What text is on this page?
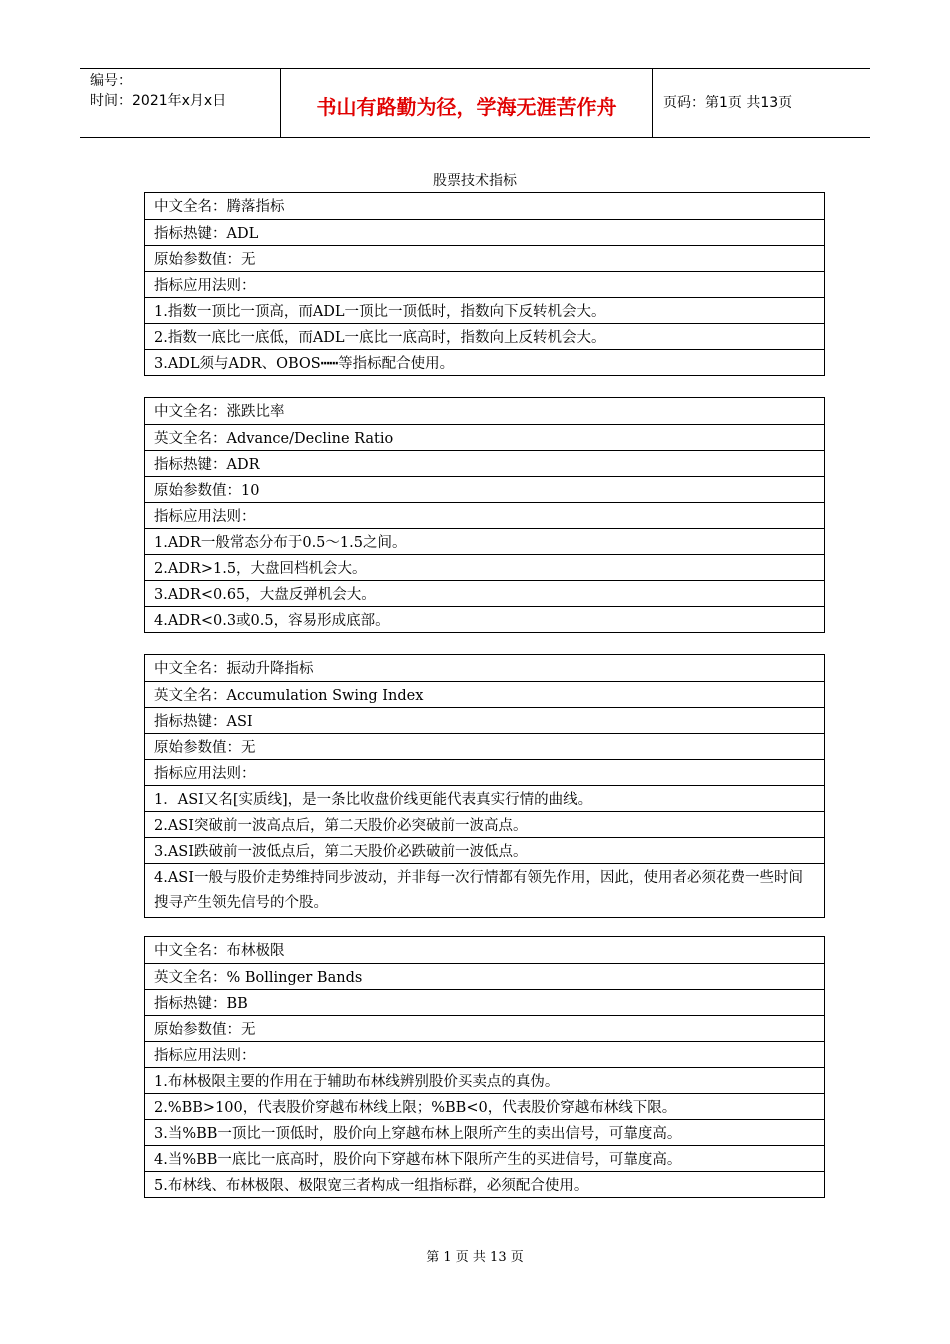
编号：
时间：2021年x月x日	书山有路勤为径，学海无涯苦作舟	页码：第1页 共13页
股票技术指标
中文全名：腾落指标
指标热键：ADL
原始参数值：无
指标应用法则：
1.指数一顶比一顶高，而ADL一顶比一顶低时，指数向下反转机会大。
2.指数一底比一底低，而ADL一底比一底高时，指数向上反转机会大。
3.ADL须与ADR、OBOS┅┅等指标配合使用。
中文全名：涨跌比率
英文全名：Advance/Decline Ratio
指标热键：ADR
原始参数值：10
指标应用法则：
1.ADR一般常态分布于0.5～1.5之间。
2.ADR>1.5，大盘回档机会大。
3.ADR<0.65，大盘反弹机会大。
4.ADR<0.3或0.5，容易形成底部。
中文全名：振动升降指标
英文全名：Accumulation Swing Index
指标热键：ASI
原始参数值：无
指标应用法则：
1．ASI又名[实质线]，是一条比收盘价线更能代表真实行情的曲线。
2.ASI突破前一波高点后，第二天股价必突破前一波高点。
3.ASI跌破前一波低点后，第二天股价必跌破前一波低点。
4.ASI一般与股价走势维持同步波动，并非每一次行情都有领先作用，因此，使用者必须花费一些时间搜寻产生领先信号的个股。
中文全名：布林极限
英文全名：% Bollinger Bands
指标热键：BB
原始参数值：无
指标应用法则：
1.布林极限主要的作用在于辅助布林线辨别股价买卖点的真伪。
2.%BB>100，代表股价穿越布林线上限；%BB<0，代表股价穿越布林线下限。
3.当%BB一顶比一顶低时，股价向上穿越布林上限所产生的卖出信号，可靠度高。
4.当%BB一底比一底高时，股价向下穿越布林下限所产生的买进信号，可靠度高。
5.布林线、布林极限、极限宽三者构成一组指标群，必须配合使用。
第 1 页 共 13 页
